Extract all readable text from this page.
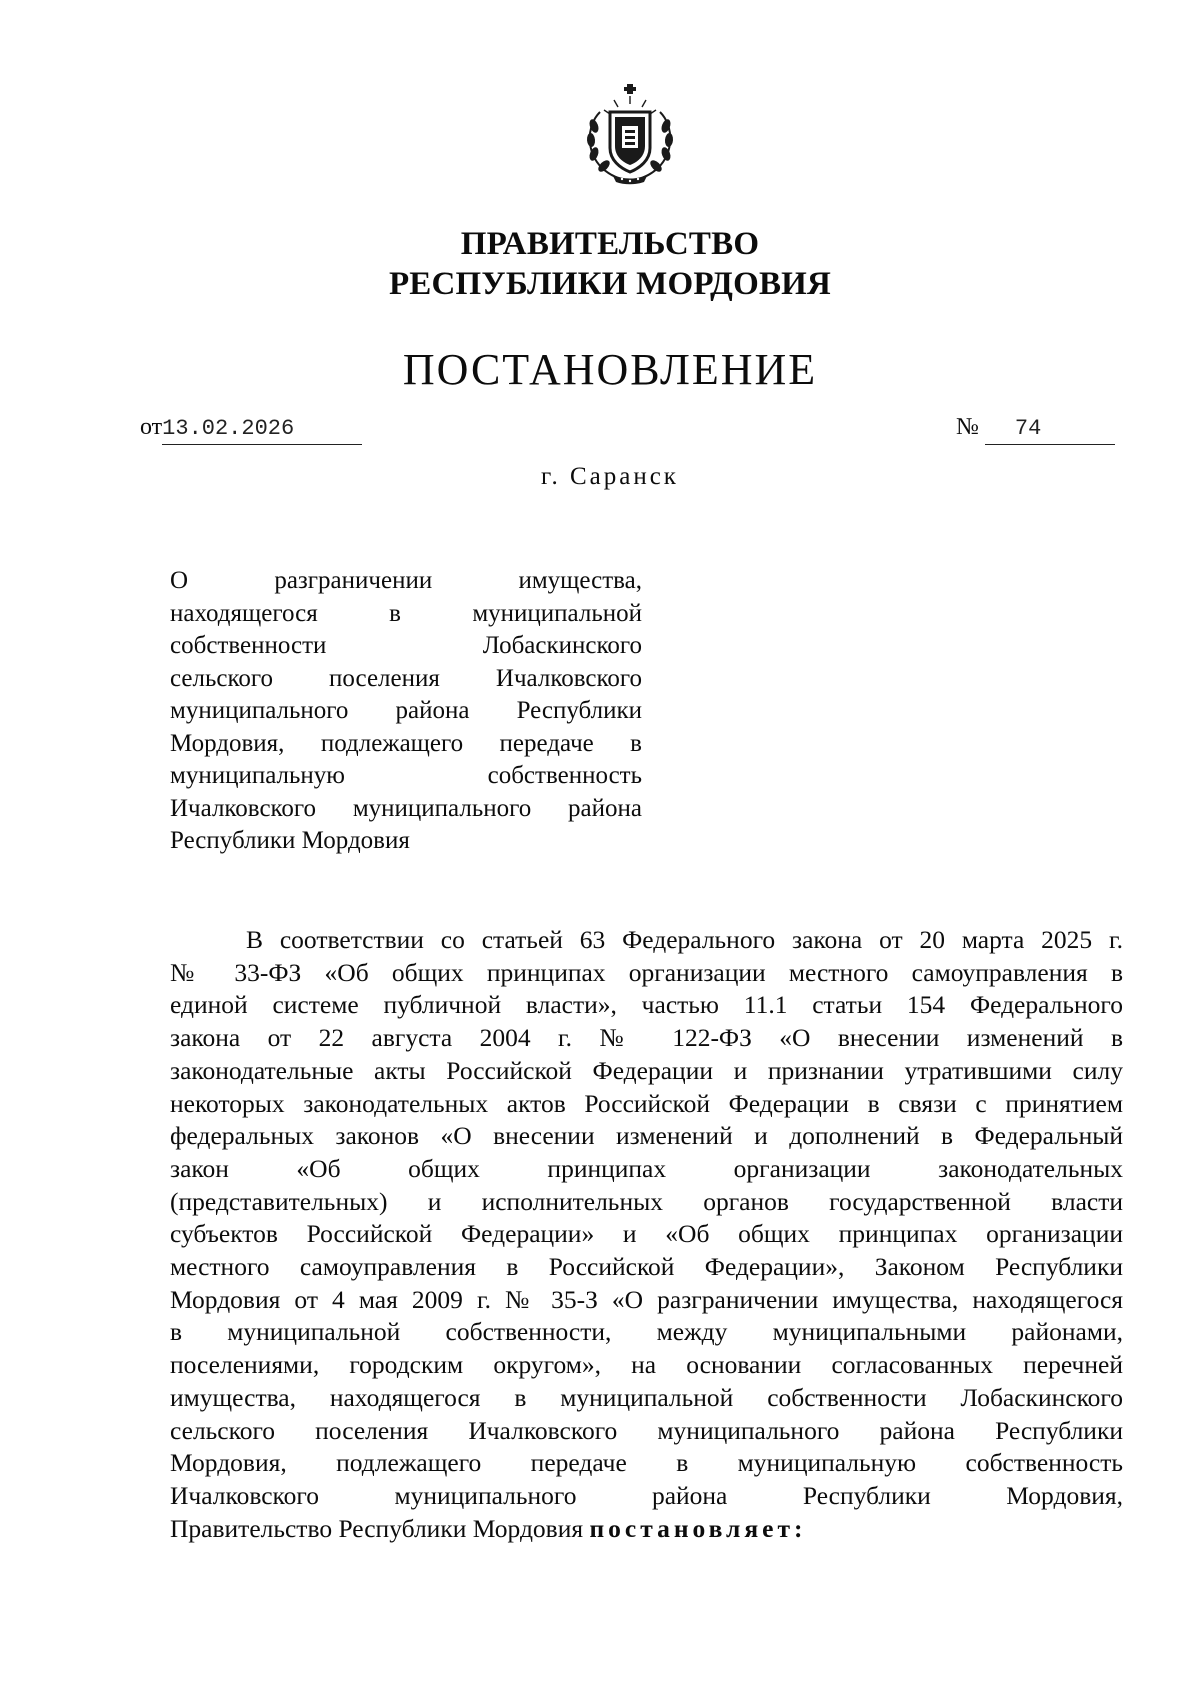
ПРАВИТЕЛЬСТВО
РЕСПУБЛИКИ МОРДОВИЯ
ПОСТАНОВЛЕНИЕ
от13.02.2026	№ 74
г. Саранск
О разграничении имущества,
находящегося в муниципальной
собственности Лобаскинского
сельского поселения Ичалковского
муниципального района Республики
Мордовия, подлежащего передаче в
муниципальную собственность
Ичалковского муниципального района
Республики Мордовия
В соответствии со статьей 63 Федерального закона от 20 марта 2025 г.
№ 33-ФЗ «Об общих принципах организации местного самоуправления в
единой системе публичной власти», частью 11.1 статьи 154 Федерального
закона от 22 августа 2004 г. № 122-ФЗ «О внесении изменений в
законодательные акты Российской Федерации и признании утратившими силу
некоторых законодательных актов Российской Федерации в связи с принятием
федеральных законов «О внесении изменений и дополнений в Федеральный
закон «Об общих принципах организации законодательных
(представительных) и исполнительных органов государственной власти
субъектов Российской Федерации» и «Об общих принципах организации
местного самоуправления в Российской Федерации», Законом Республики
Мордовия от 4 мая 2009 г. № 35-З «О разграничении имущества, находящегося
в муниципальной собственности, между муниципальными районами,
поселениями, городским округом», на основании согласованных перечней
имущества, находящегося в муниципальной собственности Лобаскинского
сельского поселения Ичалковского муниципального района Республики
Мордовия, подлежащего передаче в муниципальную собственность
Ичалковского муниципального района Республики Мордовия,
Правительство Республики Мордовия постановляет:
